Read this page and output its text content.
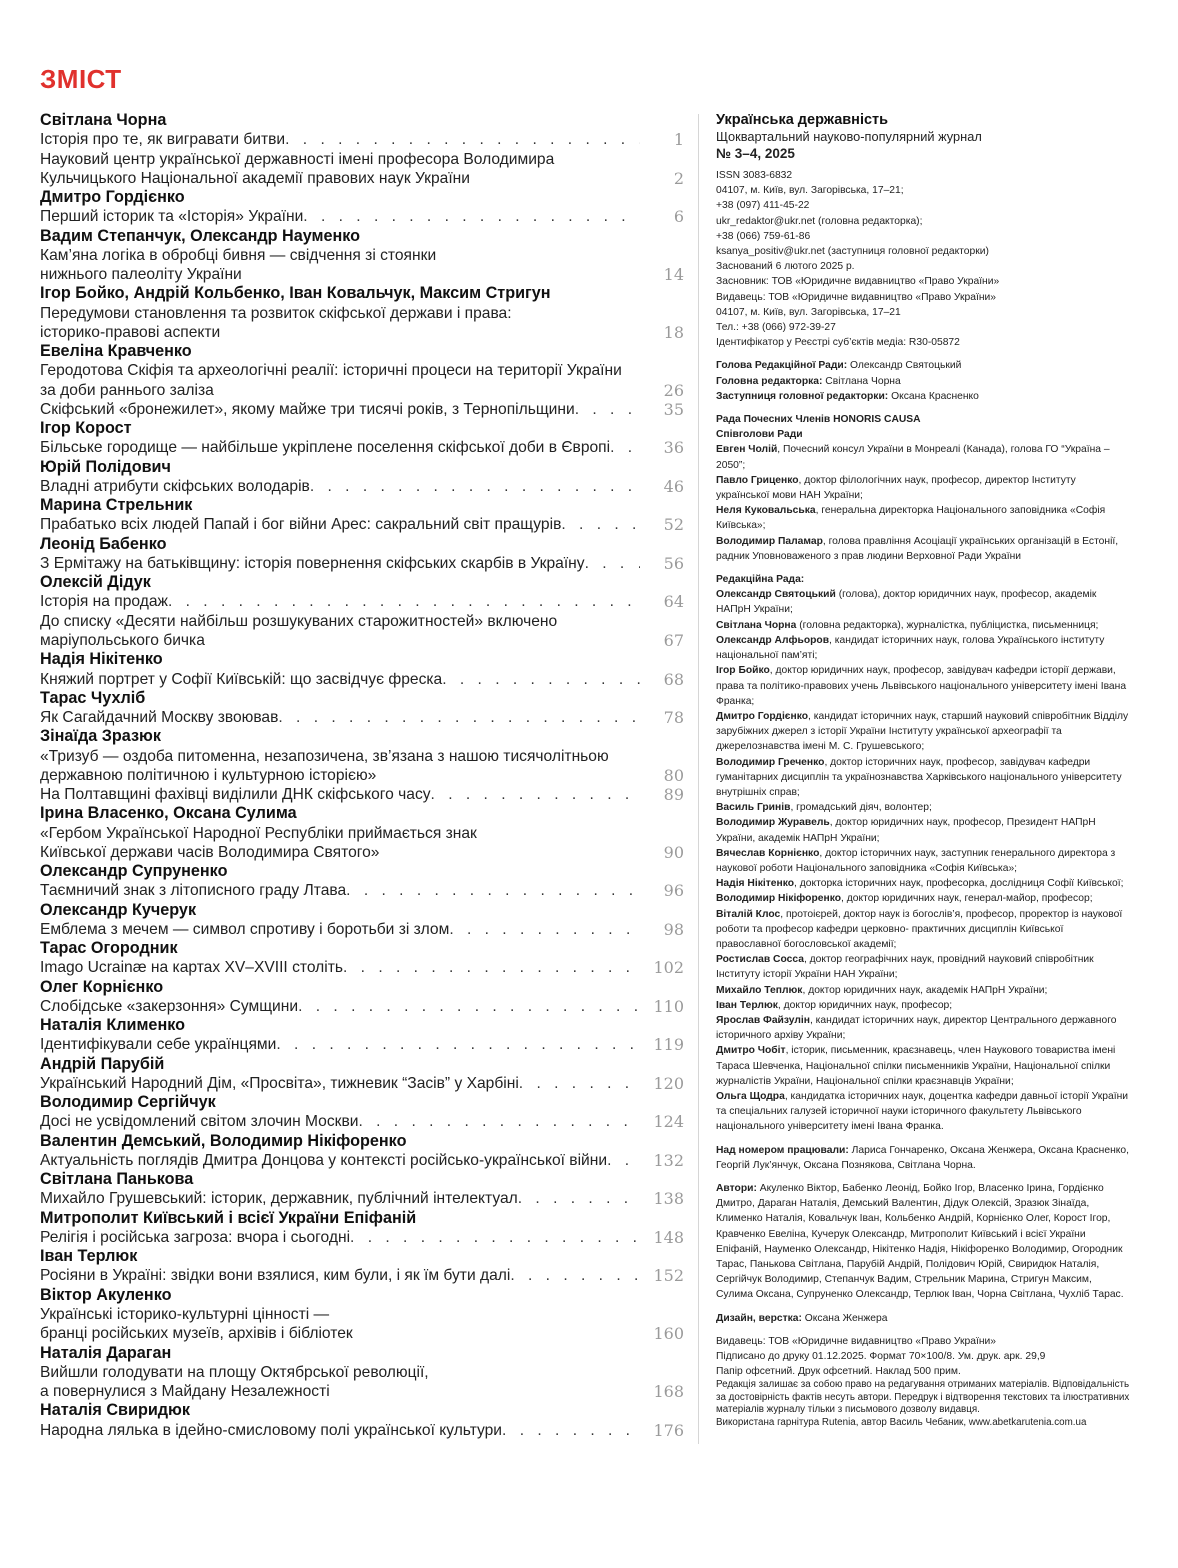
ЗМІСТ
Світлана Чорна
Історія про те, як вигравати битви . . .	1
Науковий центр української державності імені професора Володимира
Кульчицького Національної академії правових наук України	2
Дмитро Гордієнко
Перший історик та «Історія» України . . .	6
Вадим Степанчук, Олександр Науменко
Кам’яна логіка в обробці бивня — свідчення зі стоянки
нижнього палеоліту України	14
Ігор Бойко, Андрій Кольбенко, Іван Ковальчук, Максим Стригун
Передумови становлення та розвиток скіфської держави і права:
історико-правові аспекти	18
Евеліна Кравченко
Геродотова Скіфія та археологічні реалії: історичні процеси на території України
за доби раннього заліза	26
Скіфський «бронежилет», якому майже три тисячі років, з Тернопільщини . . .	35
Ігор Корост
Більське городище — найбільше укріплене поселення скіфської доби в Європі . . .	36
Юрій Полідович
Владні атрибути скіфських володарів . . .	46
Марина Стрельник
Прабатько всіх людей Папай і бог війни Арес: сакральний світ пращурів . . .	52
Леонід Бабенко
З Ермітажу на батьківщину: історія повернення скіфських скарбів в Україну . . .	56
Олексій Дідук
Історія на продаж . . .	64
До списку «Десяти найбільш розшукуваних старожитностей» включено
маріупольського бичка	67
Надія Нікітенко
Княжий портрет у Софії Київській: що засвідчує фреска . . .	68
Тарас Чухліб
Як Сагайдачний Москву звоював . . .	78
Зінаїда Зразюк
«Тризуб — оздоба питоменна, незапозичена, зв’язана з нашою тисячолітньою
державною політичною і культурною історією»	80
На Полтавщині фахівці виділили ДНК скіфського часу . . .	89
Ірина Власенко, Оксана Сулима
«Гербом Української Народної Республіки приймається знак
Київської держави часів Володимира Святого»	90
Олександр Супруненко
Таємничий знак з літописного граду Лтава . . .	96
Олександр Кучерук
Емблема з мечем — символ спротиву і боротьби зі злом . . .	98
Тарас Огородник
Imago Ucrainæ на картах XV–XVIII століть . . .	102
Олег Корнієнко
Слобідське «закерзоння» Сумщини . . .	110
Наталія Клименко
Ідентифікували себе українцями . . .	119
Андрій Парубій
Український Народний Дім, «Просвіта», тижневик “Засів” у Харбіні . . .	120
Володимир Сергійчук
Досі не усвідомлений світом злочин Москви . . .	124
Валентин Демський, Володимир Нікіфоренко
Актуальність поглядів Дмитра Донцова у контексті російсько-української війни . . .	132
Світлана Панькова
Михайло Грушевський: історик, державник, публічний інтелектуал . . .	138
Митрополит Київський і всієї України Епіфаній
Релігія і російська загроза: вчора і сьогодні . . .	148
Іван Терлюк
Росіяни в Україні: звідки вони взялися, ким були, і як їм бути далі . . .	152
Віктор Акуленко
Українські історико-культурні цінності —
бранці російських музеїв, архівів і бібліотек	160
Наталія Дараган
Вийшли голодувати на площу Октябрської революції,
а повернулися з Майдану Незалежності	168
Наталія Свиридюк
Народна лялька в ідейно-смисловому полі української культури . . .	176

Українська державність

Щоквартальний науково-популярний журнал

№ 3–4, 2025

ISSN 3083-6832

04107, м. Київ, вул. Загорівська, 17–21;

+38 (097) 411-45-22

ukr_redaktor@ukr.net (головна редакторка);

+38 (066) 759-61-86

ksanya_positiv@ukr.net (заступниця головної редакторки)

Заснований 6 лютого 2025 р.

Засновник: ТОВ «Юридичне видавництво «Право України»

Видавець: ТОВ «Юридичне видавництво «Право України»

04107, м. Київ, вул. Загорівська, 17–21

Тел.: +38 (066) 972-39-27

Ідентифікатор у Реєстрі суб’єктів медіа: R30-05872

Голова Редакційної Ради: Олександр Святоцький

Головна редакторка: Світлана Чорна

Заступниця головної редакторки: Оксана Красненко

Рада Почесних Членів HONORIS CAUSA

Співголови Ради

Евген Чолій, Почесний консул України в Монреалі (Канада), голова ГО “Україна – 2050”;

Павло Гриценко, доктор філологічних наук, професор, директор Інституту української мови НАН України;

Неля Куковальська, генеральна директорка Національного заповідника «Софія Київська»;

Володимир Паламар, голова правління Асоціації українських організацій в Естонії, радник Уповноваженого з прав людини Верховної Ради України

Редакційна Рада:

Олександр Святоцький (голова), доктор юридичних наук, професор, академік НАПрН України;

Світлана Чорна (головна редакторка), журналістка, публіцистка, письменниця;

Олександр Алфьоров, кандидат історичних наук, голова Українського інституту національної пам’яті;

Ігор Бойко, доктор юридичних наук, професор, завідувач кафедри історії держави, права та політико-правових учень Львівського національного університету імені Івана Франка;

Дмитро Гордієнко, кандидат історичних наук, старший науковий співробітник Відділу зарубіжних джерел з історії України Інституту української археографії та джерелознавства імені М. С. Грушевського;

Володимир Греченко, доктор історичних наук, професор, завідувач кафедри гуманітарних дисциплін та українознавства Харківського національного університету внутрішніх справ;

Василь Гринів, громадський діяч, волонтер;

Володимир Журавель, доктор юридичних наук, професор, Президент НАПрН України, академік НАПрН України;

Вячеслав Корнієнко, доктор історичних наук, заступник генерального директора з наукової роботи Національного заповідника «Софія Київська»;

Надія Нікітенко, докторка історичних наук, професорка, дослідниця Софії Київської;

Володимир Нікіфоренко, доктор юридичних наук, генерал-майор, професор;

Віталій Клос, протоієрей, доктор наук із богослів’я, професор, проректор із наукової роботи та професор кафедри церковно- практичних дисциплін Київської православної богословської академії;

Ростислав Сосса, доктор географічних наук, провідний науковий співробітник Інституту історії України НАН України;

Михайло Теплюк, доктор юридичних наук, академік НАПрН України;

Іван Терлюк, доктор юридичних наук, професор;

Ярослав Файзулін, кандидат історичних наук, директор Центрального державного історичного архіву України;

Дмитро Чобіт, історик, письменник, краєзнавець, член Наукового товариства імені Тараса Шевченка, Національної спілки письменників України, Національної спілки журналістів України, Національної спілки краєзнавців України;

Ольга Щодра, кандидатка історичних наук, доцентка кафедри давньої історії України та спеціальних галузей історичної науки історичного факультету Львівського національного університету імені Івана Франка.

Над номером працювали: Лариса Гончаренко, Оксана Женжера, Оксана Красненко, Георгій Лук’янчук, Оксана Познякова, Світлана Чорна.

Автори: Акуленко Віктор, Бабенко Леонід, Бойко Ігор, Власенко Ірина, Гордієнко Дмитро, Дараган Наталія, Демський Валентин, Дідук Олексій, Зразюк Зінаїда, Клименко Наталія, Ковальчук Іван, Кольбенко Андрій, Корнієнко Олег, Корост Ігор, Кравченко Евеліна, Кучерук Олександр, Митрополит Київський і всієї України Епіфаній, Науменко Олександр, Нікітенко Надія, Нікіфоренко Володимир, Огородник Тарас, Панькова Світлана, Парубій Андрій, Полідович Юрій, Свиридюк Наталія, Сергійчук Володимир, Степанчук Вадим, Стрельник Марина, Стригун Максим, Сулима Оксана, Супруненко Олександр, Терлюк Іван, Чорна Світлана, Чухліб Тарас.

Дизайн, верстка: Оксана Женжера

Видавець: ТОВ «Юридичне видавництво «Право України»

Підписано до друку 01.12.2025. Формат 70×100/8. Ум. друк. арк. 29,9

Папір офсетний. Друк офсетний. Наклад 500 прим.

Редакція залишає за собою право на редагування отриманих матеріалів. Відповідальність за достовірність фактів несуть автори. Передрук і відтворення текстових та ілюстративних матеріалів журналу тільки з письмового дозволу видавця.

Використана гарнітура Rutenia, автор Василь Чебаник, www.abetkarutenia.com.ua
